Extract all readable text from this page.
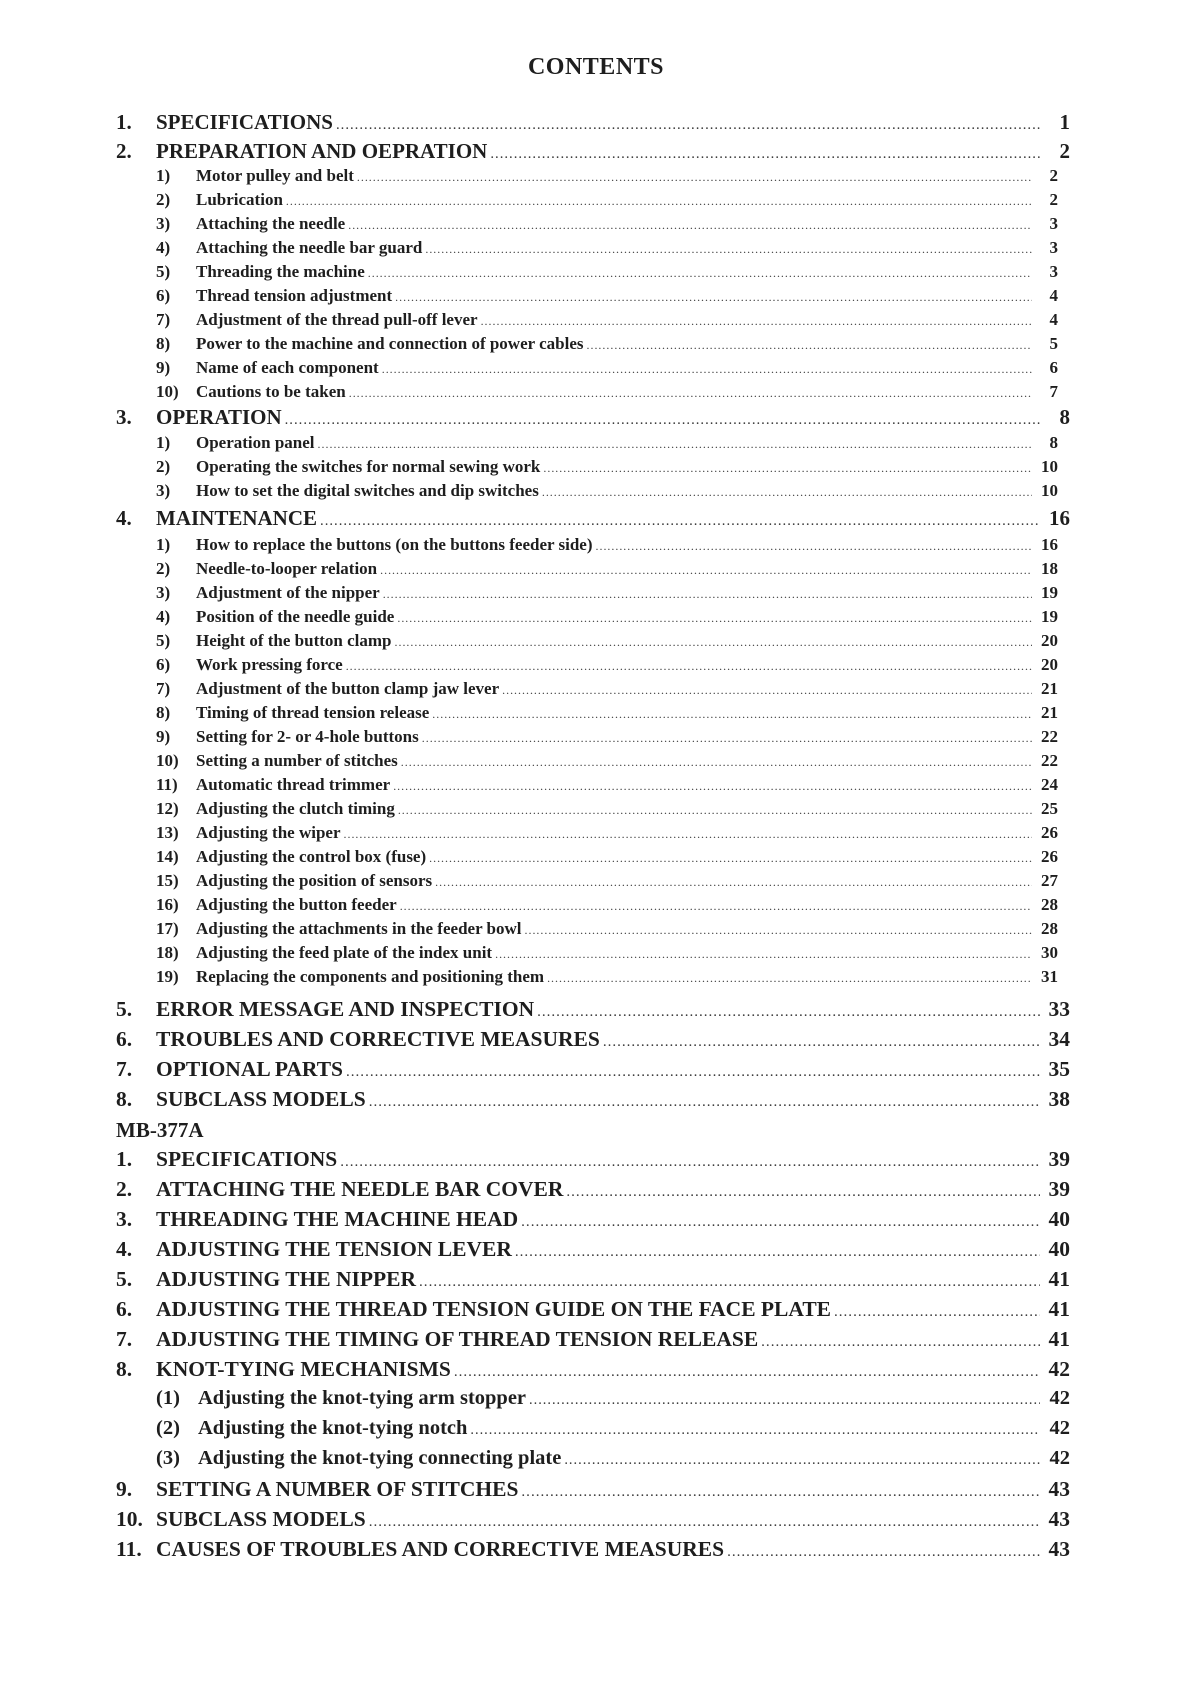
CONTENTS
1.	SPECIFICATIONS .....	1
2.	PREPARATION AND OEPRATION .....	2
1)	Motor pulley and belt .....	2
2)	Lubrication .....	2
3)	Attaching the needle .....	3
4)	Attaching the needle bar guard .....	3
5)	Threading the machine .....	3
6)	Thread tension adjustment .....	4
7)	Adjustment of the thread pull-off lever .....	4
8)	Power to the machine and connection of power cables .....	5
9)	Name of each component .....	6
10)	Cautions to be taken .....	7
3.	OPERATION .....	8
1)	Operation panel .....	8
2)	Operating the switches for normal sewing work .....	10
3)	How to set the digital switches and dip switches .....	10
4.	MAINTENANCE .....	16
1)	How to replace the buttons (on the buttons feeder side) .....	16
2)	Needle-to-looper relation .....	18
3)	Adjustment of the nipper .....	19
4)	Position of the needle guide .....	19
5)	Height of the button clamp .....	20
6)	Work pressing force .....	20
7)	Adjustment of the button clamp jaw lever .....	21
8)	Timing of thread tension release .....	21
9)	Setting for 2- or 4-hole buttons .....	22
10)	Setting a number of stitches .....	22
11)	Automatic thread trimmer .....	24
12)	Adjusting the clutch timing .....	25
13)	Adjusting the wiper .....	26
14)	Adjusting the control box (fuse) .....	26
15)	Adjusting the position of sensors .....	27
16)	Adjusting the button feeder .....	28
17)	Adjusting the attachments in the feeder bowl .....	28
18)	Adjusting the feed plate of the index unit .....	30
19)	Replacing the components and positioning them .....	31
5.	ERROR MESSAGE AND INSPECTION .....	33
6.	TROUBLES AND CORRECTIVE MEASURES .....	34
7.	OPTIONAL PARTS .....	35
8.	SUBCLASS MODELS .....	38
MB-377A
1.	SPECIFICATIONS .....	39
2.	ATTACHING THE NEEDLE BAR COVER .....	39
3.	THREADING THE MACHINE HEAD .....	40
4.	ADJUSTING THE TENSION LEVER .....	40
5.	ADJUSTING THE NIPPER .....	41
6.	ADJUSTING THE THREAD TENSION GUIDE ON THE FACE PLATE .....	41
7.	ADJUSTING THE TIMING OF THREAD TENSION RELEASE .....	41
8.	KNOT-TYING MECHANISMS .....	42
(1) Adjusting the knot-tying arm stopper .....	42
(2) Adjusting the knot-tying notch .....	42
(3) Adjusting the knot-tying connecting plate .....	42
9.	SETTING A NUMBER OF STITCHES .....	43
10. SUBCLASS MODELS .....	43
11. CAUSES OF TROUBLES AND CORRECTIVE MEASURES .....	43
